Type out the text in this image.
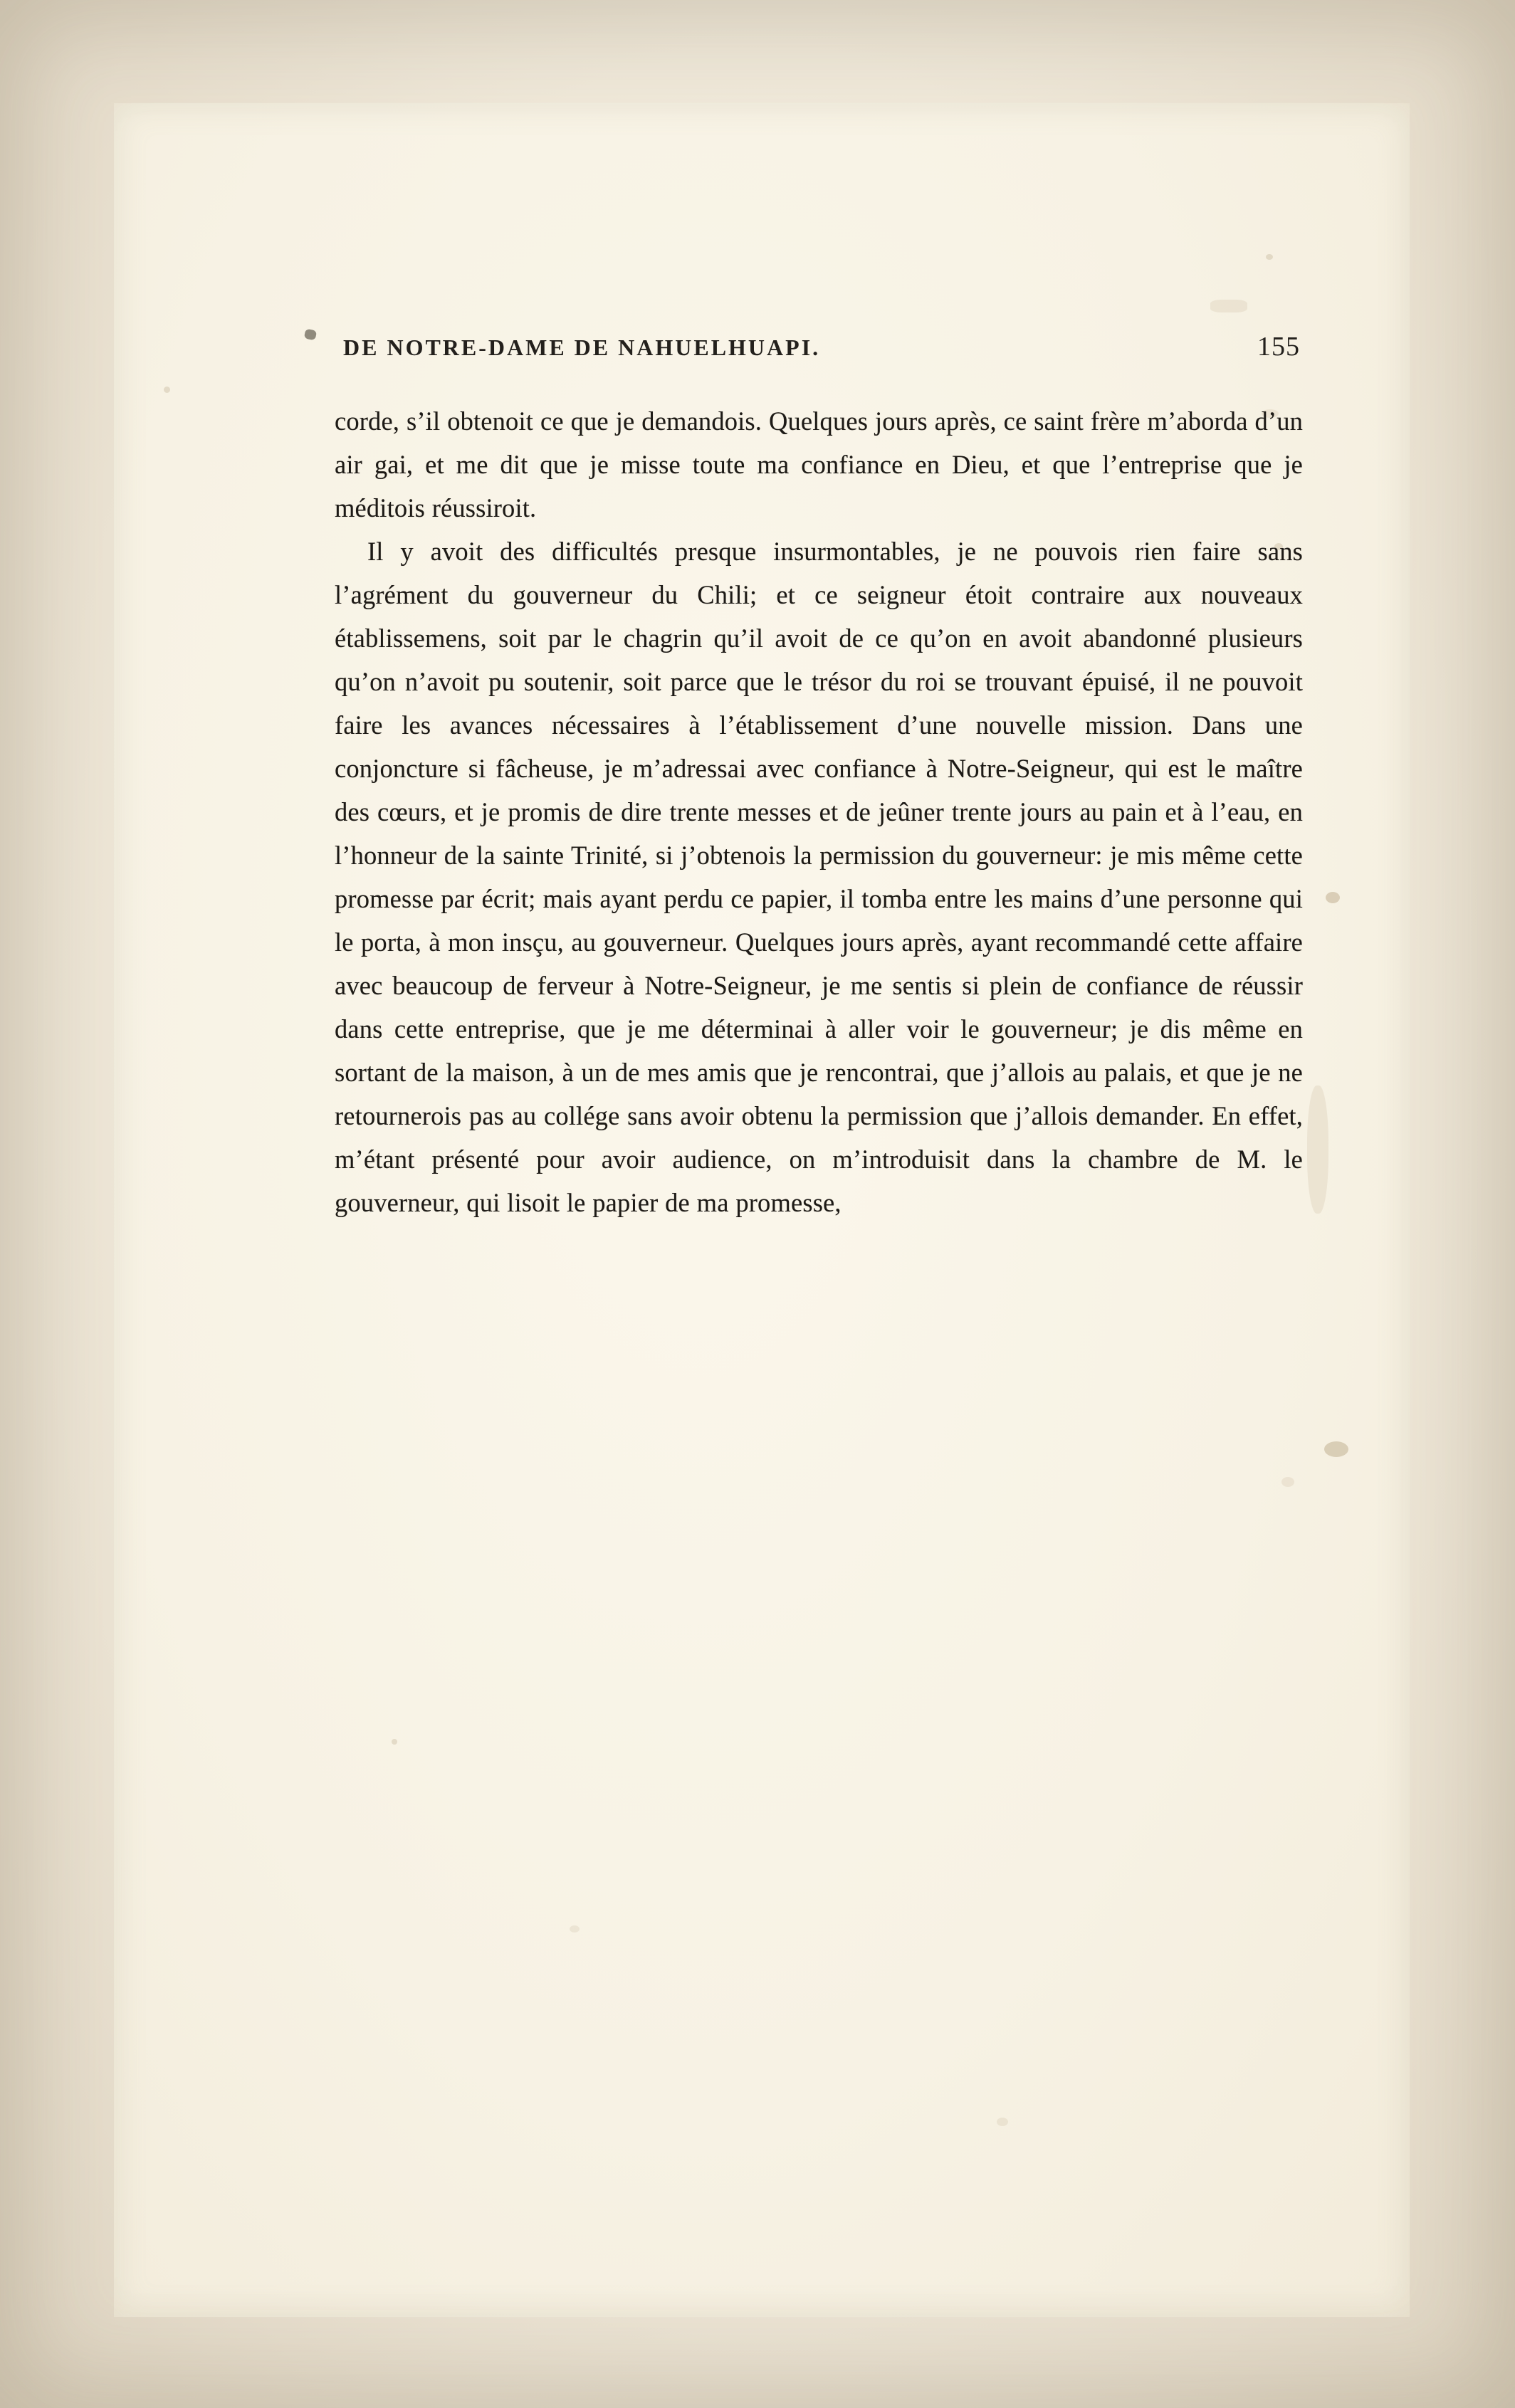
DE NOTRE-DAME DE NAHUELHUAPI.	155

corde, s’il obtenoit ce que je demandois. Quelques jours après, ce saint frère m’aborda d’un air gai, et me dit que je misse toute ma confiance en Dieu, et que l’entreprise que je méditois réussiroit.

Il y avoit des difficultés presque insurmontables, je ne pouvois rien faire sans l’agrément du gouverneur du Chili; et ce seigneur étoit contraire aux nouveaux établissemens, soit par le chagrin qu’il avoit de ce qu’on en avoit abandonné plusieurs qu’on n’avoit pu soutenir, soit parce que le trésor du roi se trouvant épuisé, il ne pouvoit faire les avances nécessaires à l’établissement d’une nouvelle mission. Dans une conjoncture si fâcheuse, je m’adressai avec confiance à Notre-Seigneur, qui est le maître des cœurs, et je promis de dire trente messes et de jeûner trente jours au pain et à l’eau, en l’honneur de la sainte Trinité, si j’obtenois la permission du gouverneur: je mis même cette promesse par écrit; mais ayant perdu ce papier, il tomba entre les mains d’une personne qui le porta, à mon insçu, au gouverneur. Quelques jours après, ayant recommandé cette affaire avec beaucoup de ferveur à Notre-Seigneur, je me sentis si plein de confiance de réussir dans cette entreprise, que je me déterminai à aller voir le gouverneur; je dis même en sortant de la maison, à un de mes amis que je rencontrai, que j’allois au palais, et que je ne retournerois pas au collége sans avoir obtenu la permission que j’allois demander. En effet, m’étant présenté pour avoir audience, on m’introduisit dans la chambre de M. le gouverneur, qui lisoit le papier de ma promesse,
